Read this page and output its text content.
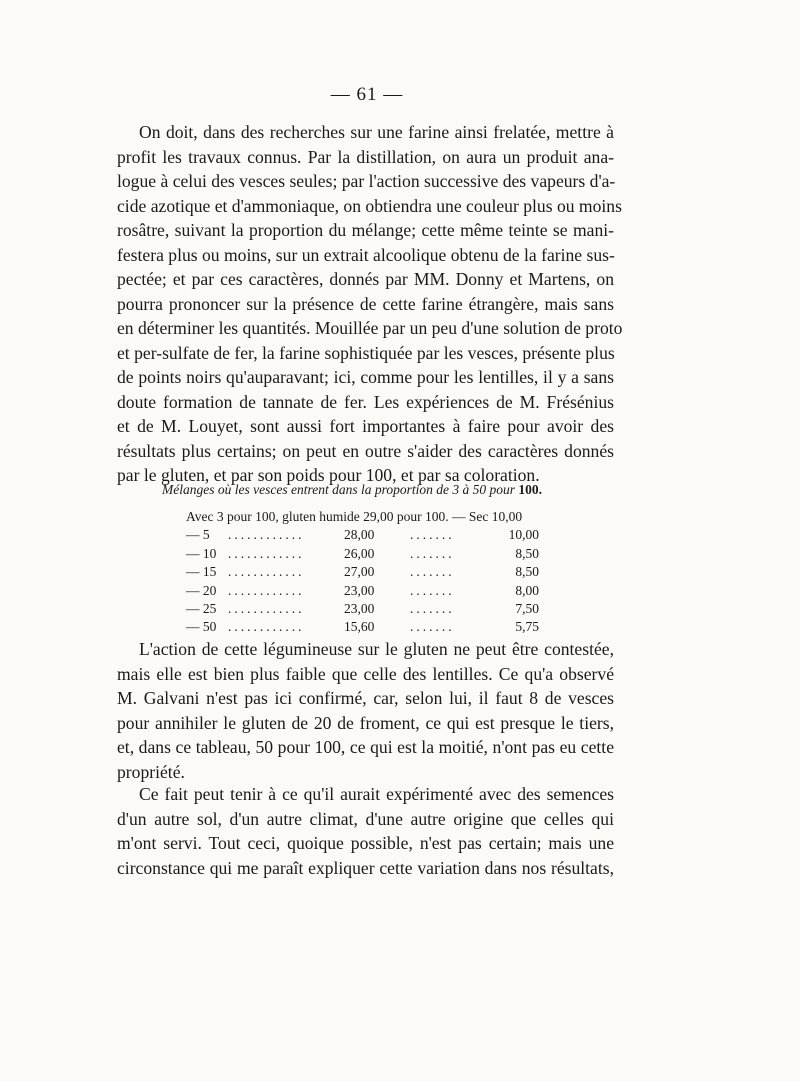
— 61 —
On doit, dans des recherches sur une farine ainsi frelatée, mettre à
profit les travaux connus. Par la distillation, on aura un produit ana-
logue à celui des vesces seules; par l'action successive des vapeurs d'a-
cide azotique et d'ammoniaque, on obtiendra une couleur plus ou moins
rosâtre, suivant la proportion du mélange; cette même teinte se mani-
festera plus ou moins, sur un extrait alcoolique obtenu de la farine sus-
pectée; et par ces caractères, donnés par MM. Donny et Martens, on
pourra prononcer sur la présence de cette farine étrangère, mais sans
en déterminer les quantités. Mouillée par un peu d'une solution de proto
et per-sulfate de fer, la farine sophistiquée par les vesces, présente plus
de points noirs qu'auparavant; ici, comme pour les lentilles, il y a sans
doute formation de tannate de fer. Les expériences de M. Frésénius
et de M. Louyet, sont aussi fort importantes à faire pour avoir des
résultats plus certains; on peut en outre s'aider des caractères donnés
par le gluten, et par son poids pour 100, et par sa coloration.
Mélanges où les vesces entrent dans la proportion de 3 à 50 pour 100.
Avec 3 pour 100, gluten humide 29,00 pour 100. — Sec 10,00
— 5 ............	28,00	.......	10,00
— 10 ............	26,00	.......	8,50
— 15 ............	27,00	.......	8,50
— 20 ............	23,00	.......	8,00
— 25 ............	23,00	.......	7,50
— 50 ............	15,60	.......	5,75
L'action de cette légumineuse sur le gluten ne peut être contestée,
mais elle est bien plus faible que celle des lentilles. Ce qu'a observé
M. Galvani n'est pas ici confirmé, car, selon lui, il faut 8 de vesces
pour annihiler le gluten de 20 de froment, ce qui est presque le tiers,
et, dans ce tableau, 50 pour 100, ce qui est la moitié, n'ont pas eu cette
propriété.
Ce fait peut tenir à ce qu'il aurait expérimenté avec des semences
d'un autre sol, d'un autre climat, d'une autre origine que celles qui
m'ont servi. Tout ceci, quoique possible, n'est pas certain; mais une
circonstance qui me paraît expliquer cette variation dans nos résultats,
